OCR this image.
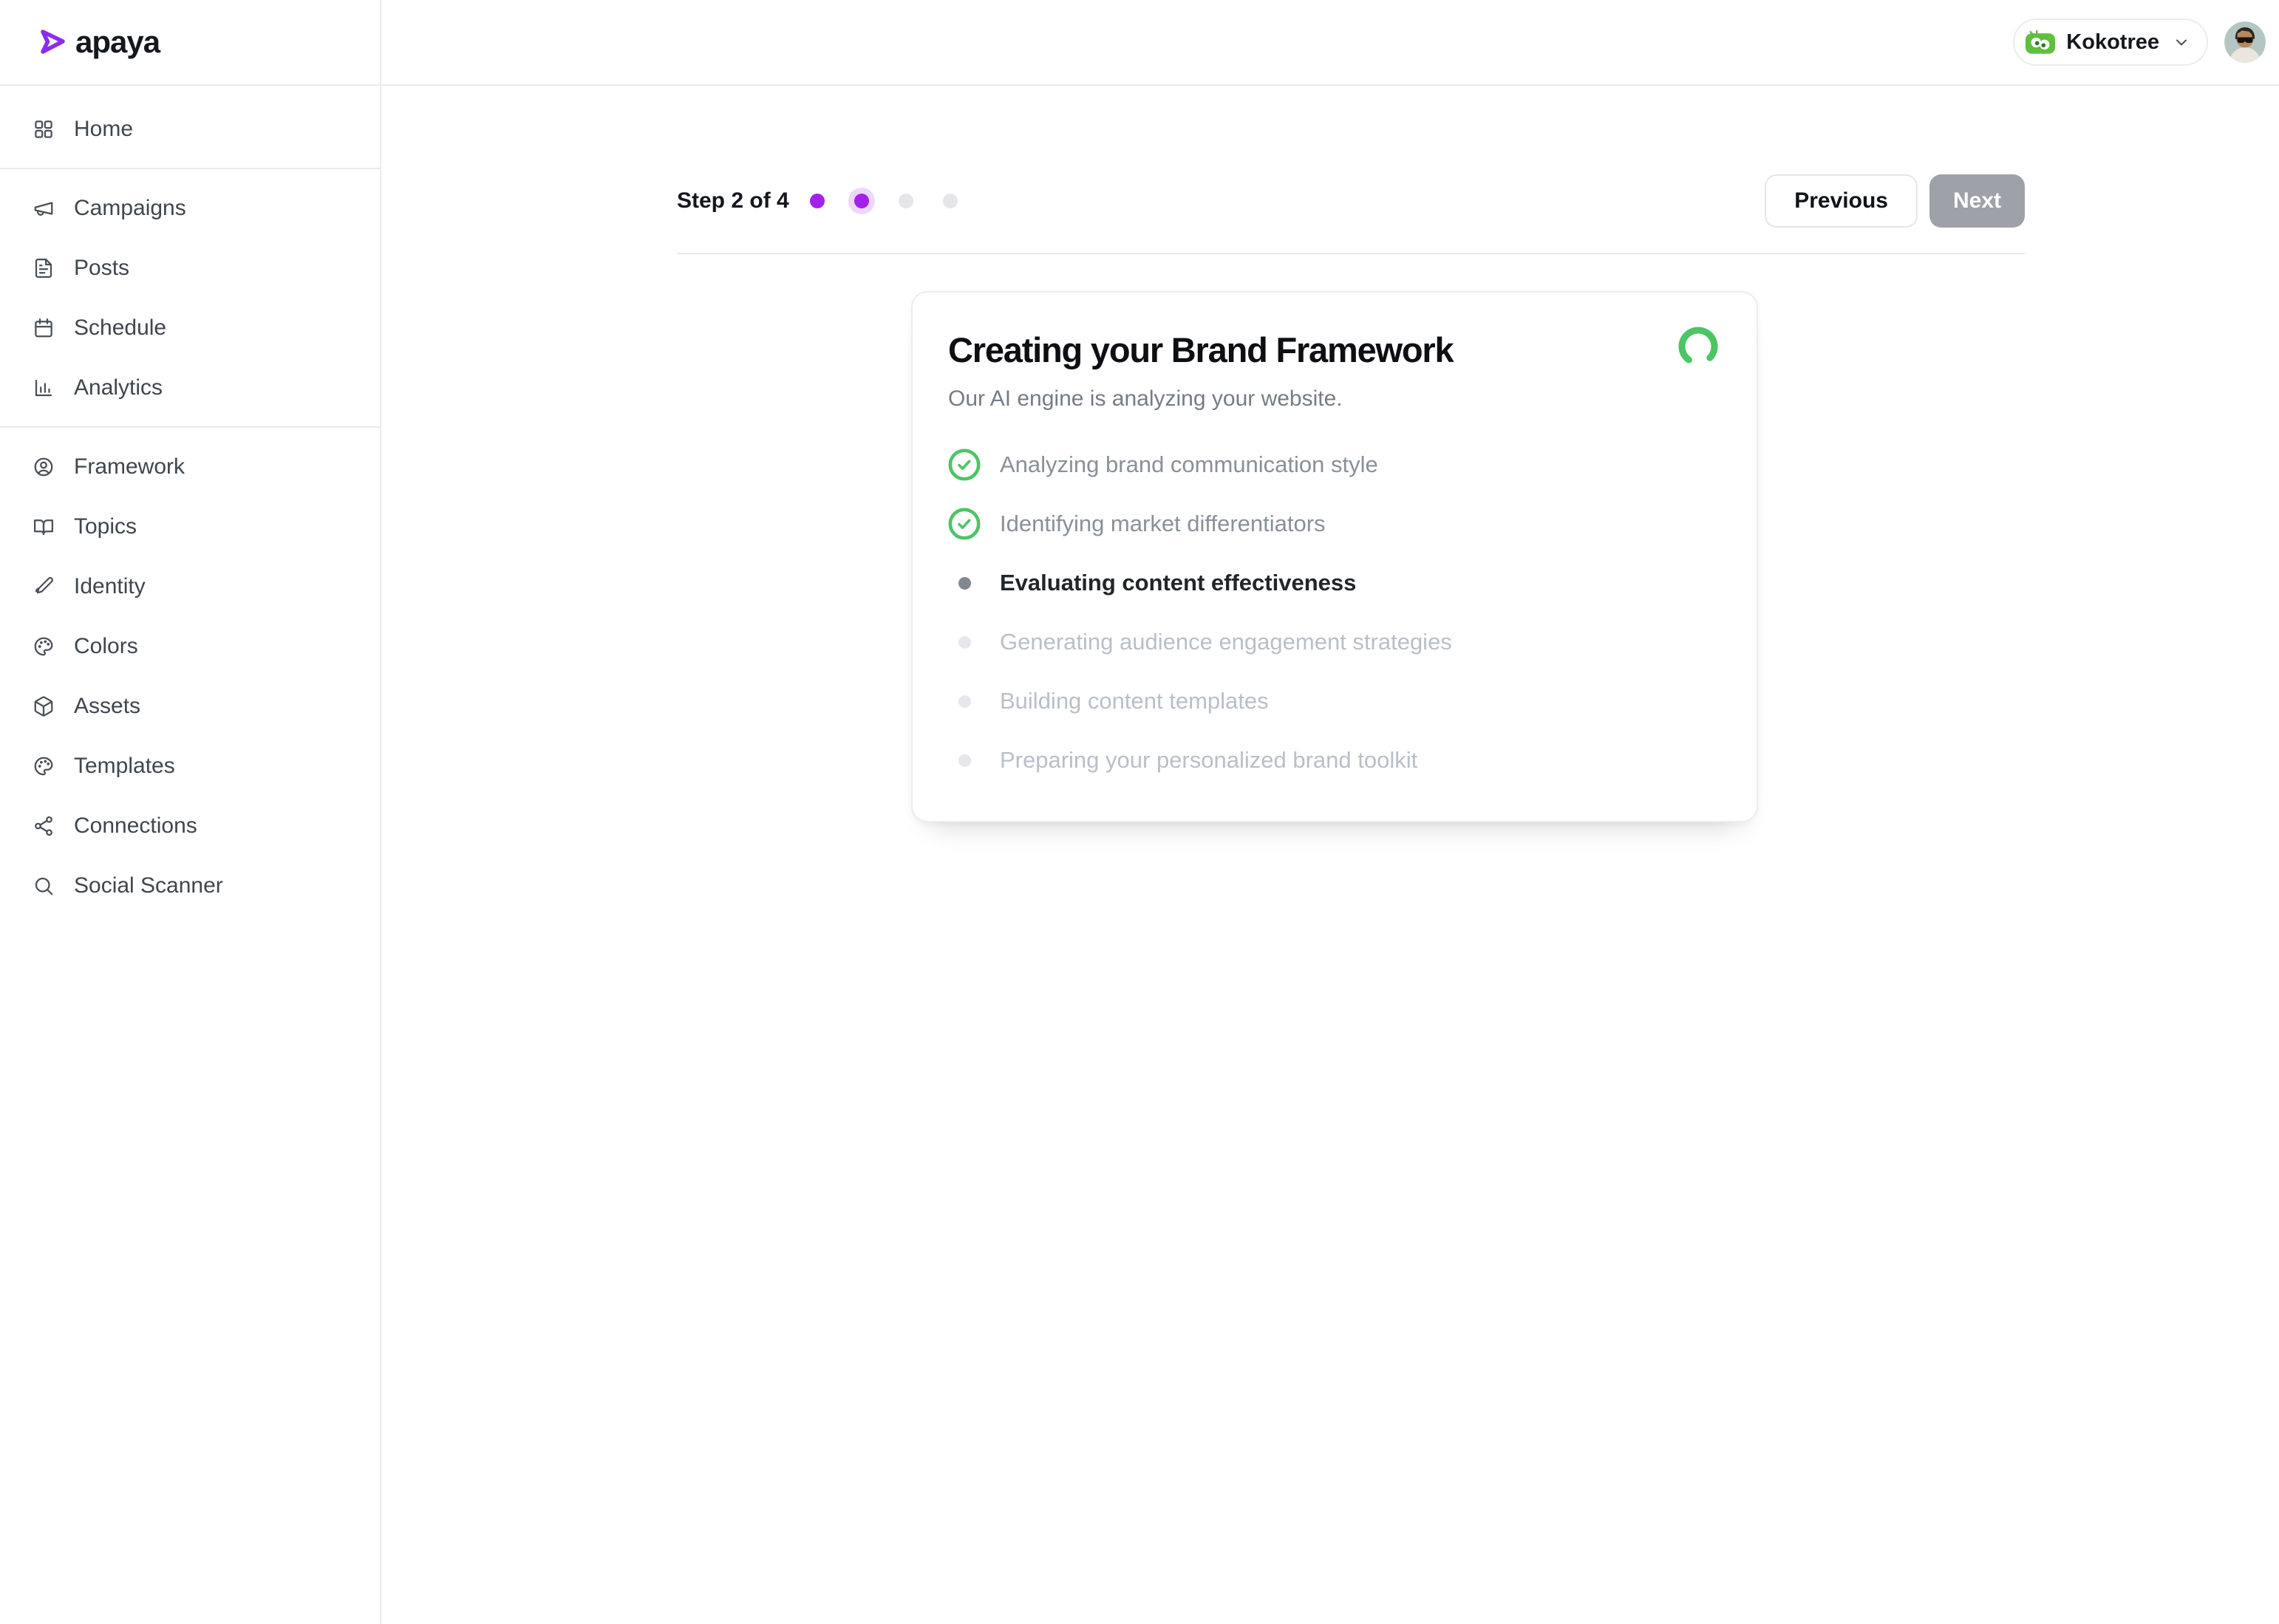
apaya
Home
Campaigns
Posts
Schedule
Analytics
Framework
Topics
Identity
Colors
Assets
Templates
Connections
Social Scanner
Kokotree
Step 2 of 4	Previous	Next
Creating your Brand Framework

Our AI engine is analyzing your website.

Analyzing brand communication style
Identifying market differentiators
Evaluating content effectiveness
Generating audience engagement strategies
Building content templates
Preparing your personalized brand toolkit
